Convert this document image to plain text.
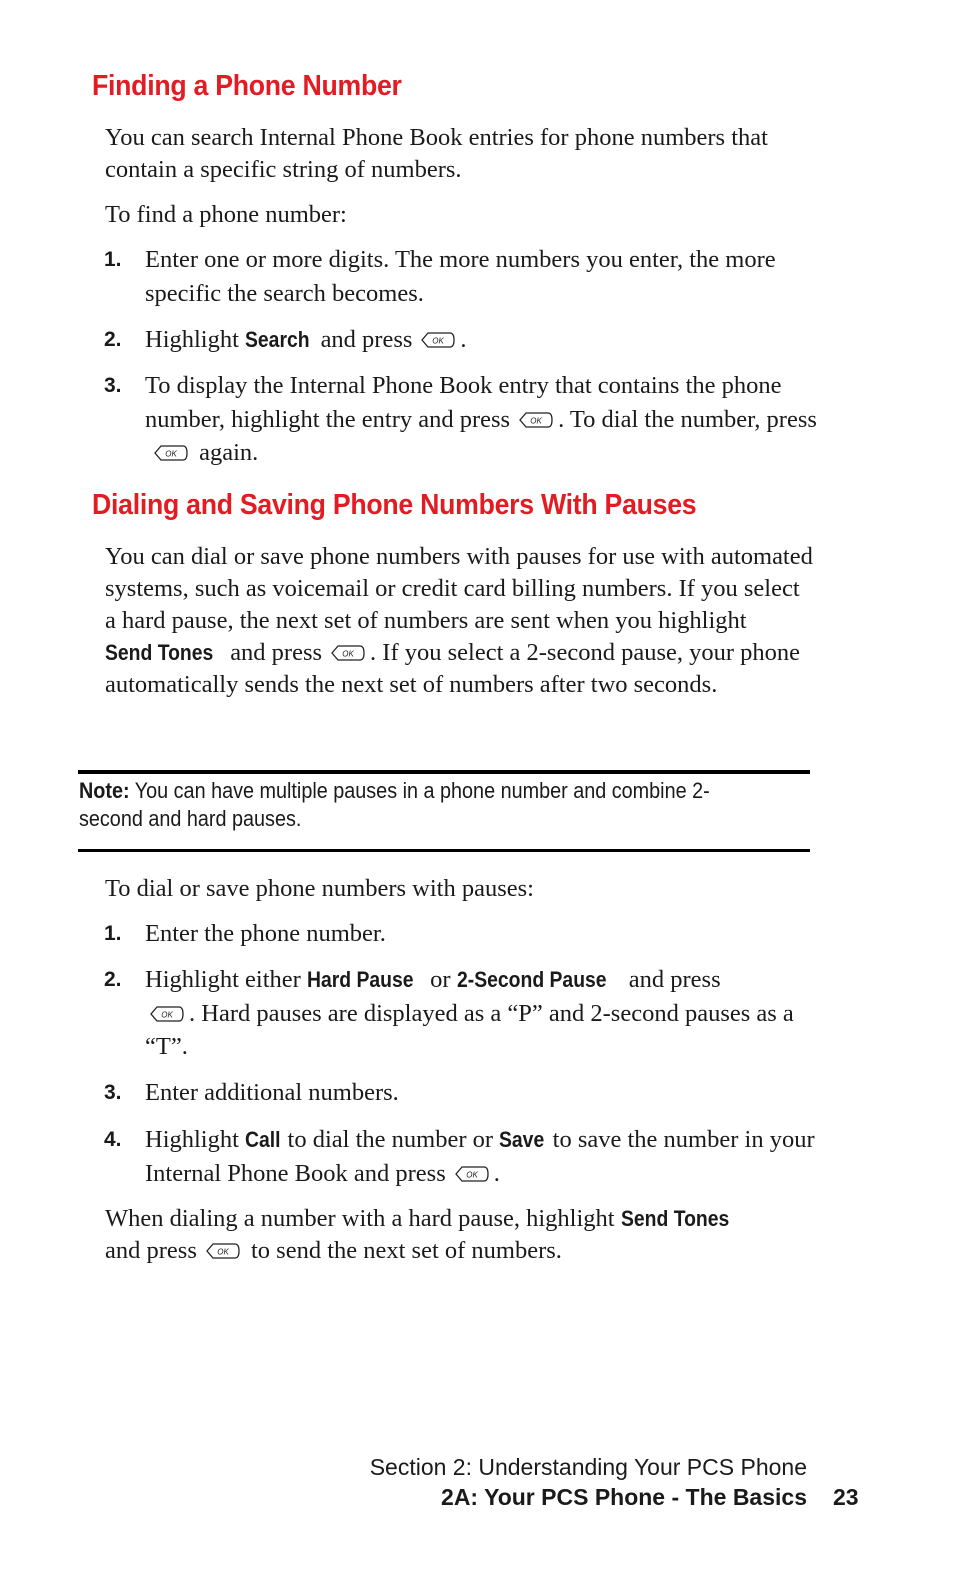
Finding a Phone Number

You can search Internal Phone Book entries for phone numbers that contain a specific string of numbers.

To find a phone number:

1. Enter one or more digits. The more numbers you enter, the more specific the search becomes.

2. Highlight Search and press	OK .

3. To display the Internal Phone Book entry that contains the phone number, highlight the entry and press	OK . To dial the number, press
OK again.

Dialing and Saving Phone Numbers With Pauses

You can dial or save phone numbers with pauses for use with automated systems, such as voicemail or credit card billing numbers. If you select a hard pause, the next set of numbers are sent when you highlight Send Tones and press	OK . If you select a 2-second pause, your phone automatically sends the next set of numbers after two seconds.

Note: You can have multiple pauses in a phone number and combine 2-second and hard pauses.

To dial or save phone numbers with pauses:

1. Enter the phone number.

2. Highlight either Hard Pause or 2-Second Pause and press

OK . Hard pauses are displayed as a “P” and 2-second pauses as a “T”.

3. Enter additional numbers.

4. Highlight Call to dial the number or Save to save the number in your Internal Phone Book and press	OK .

When dialing a number with a hard pause, highlight Send Tones
and press	OK to send the next set of numbers.

Section 2: Understanding Your PCS Phone
2A: Your PCS Phone - The Basics 23
